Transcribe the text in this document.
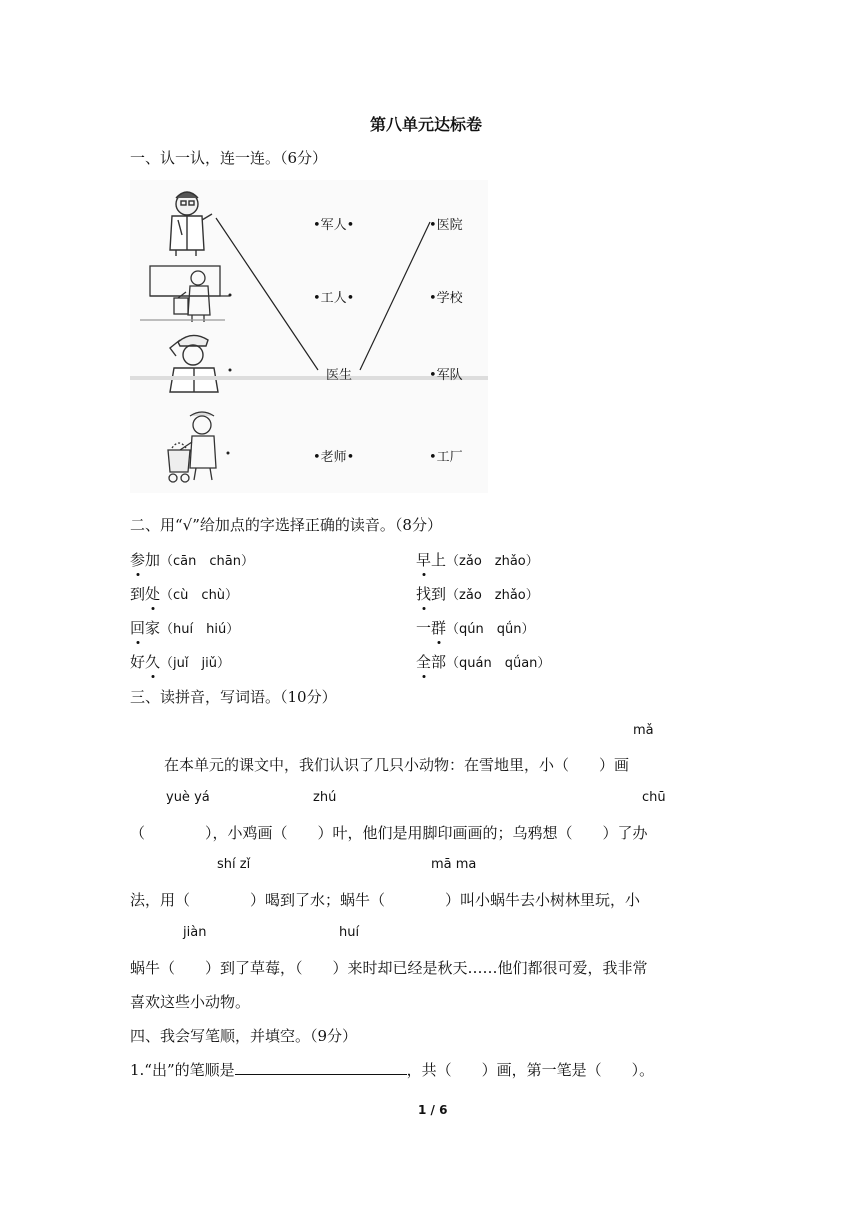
第八单元达标卷
一、认一认，连一连。（6分）
•军人•
•工人•
医生
•老师•
•医院
•学校
•军队
•工厂
二、用“√”给加点的字选择正确的读音。（8分）
参加（cān　chān）	早上（zǎo　zhǎo）
到处（cù　chù）	找到（zǎo　zhǎo）
回家（huí　hiú）	一群（qún　qǘn）
好久（juǐ　jiǔ）	全部（quán　qǘan）
三、读拼音，写词语。（10分）
mǎ
在本单元的课文中，我们认识了几只小动物：在雪地里，小（　　）画
yuè yá	zhú	chū
（　　　　），小鸡画（　　）叶，他们是用脚印画画的；乌鸦想（　　）了办
shí zǐ	mā ma
法，用（　　　　）喝到了水；蜗牛（　　　　）叫小蜗牛去小树林里玩，小
jiàn	huí
蜗牛（　　）到了草莓，（　　）来时却已经是秋天……他们都很可爱，我非常
喜欢这些小动物。
四、我会写笔顺，并填空。（9分）
1.“出”的笔顺是	，共（　　）画，第一笔是（　　）。
1 / 6
